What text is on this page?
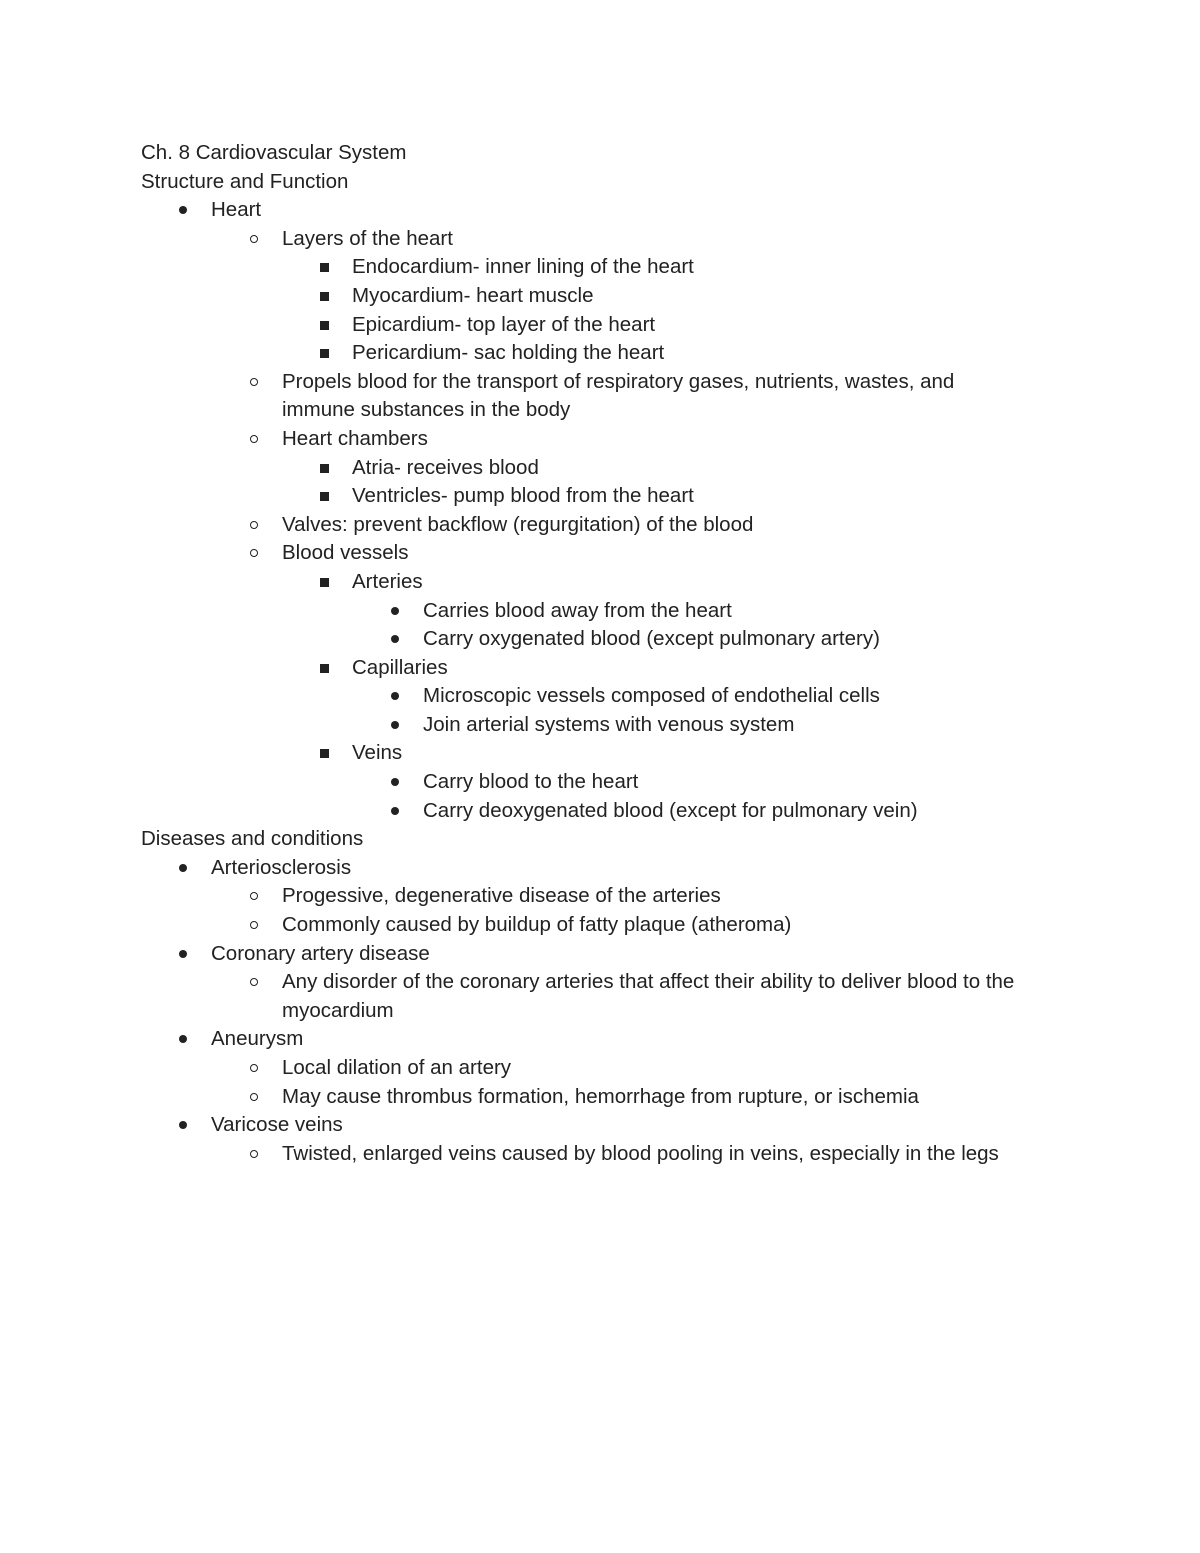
Ch. 8 Cardiovascular System
Structure and Function
Heart
Layers of the heart
Endocardium- inner lining of the heart
Myocardium- heart muscle
Epicardium- top layer of the heart
Pericardium- sac holding the heart
Propels blood for the transport of respiratory gases, nutrients, wastes, and immune substances in the body
Heart chambers
Atria- receives blood
Ventricles- pump blood from the heart
Valves: prevent backflow (regurgitation) of the blood
Blood vessels
Arteries
Carries blood away from the heart
Carry oxygenated blood (except pulmonary artery)
Capillaries
Microscopic vessels composed of endothelial cells
Join arterial systems with venous system
Veins
Carry blood to the heart
Carry deoxygenated blood (except for pulmonary vein)
Diseases and conditions
Arteriosclerosis
Progessive, degenerative disease of the arteries
Commonly caused by buildup of fatty plaque (atheroma)
Coronary artery disease
Any disorder of the coronary arteries that affect their ability to deliver blood to the myocardium
Aneurysm
Local dilation of an artery
May cause thrombus formation, hemorrhage from rupture, or ischemia
Varicose veins
Twisted, enlarged veins caused by blood pooling in veins, especially in the legs
